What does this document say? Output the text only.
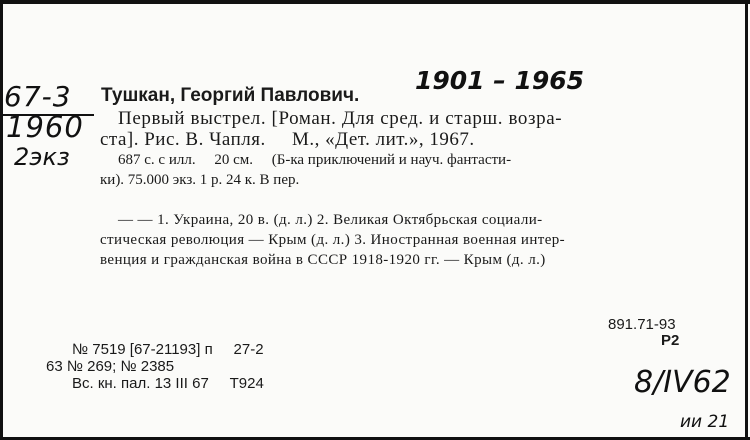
67-3
1960
2экз
Тушкан, Георгий Павлович.
1901 – 1965
Первый выстрел. [Роман. Для сред. и старш. возра-
ста]. Рис. В. Чапля.     М., «Дет. лит.», 1967.
687 с. с илл.     20 см.     (Б-ка приключений и науч. фантасти-
ки). 75.000 экз. 1 р. 24 к. В пер.
— — 1. Украина, 20 в. (д. л.) 2. Великая Октябрьская социали-
стическая революция — Крым (д. л.) 3. Иностранная военная интер-
венция и гражданская война в СССР 1918-1920 гг. — Крым (д. л.)
891.71-93
Р2
№ 7519 [67-21193] п     27-2
63 № 269; № 2385
Вс. кн. пал. 13 III 67     Т924	8/IV62
ии 21
